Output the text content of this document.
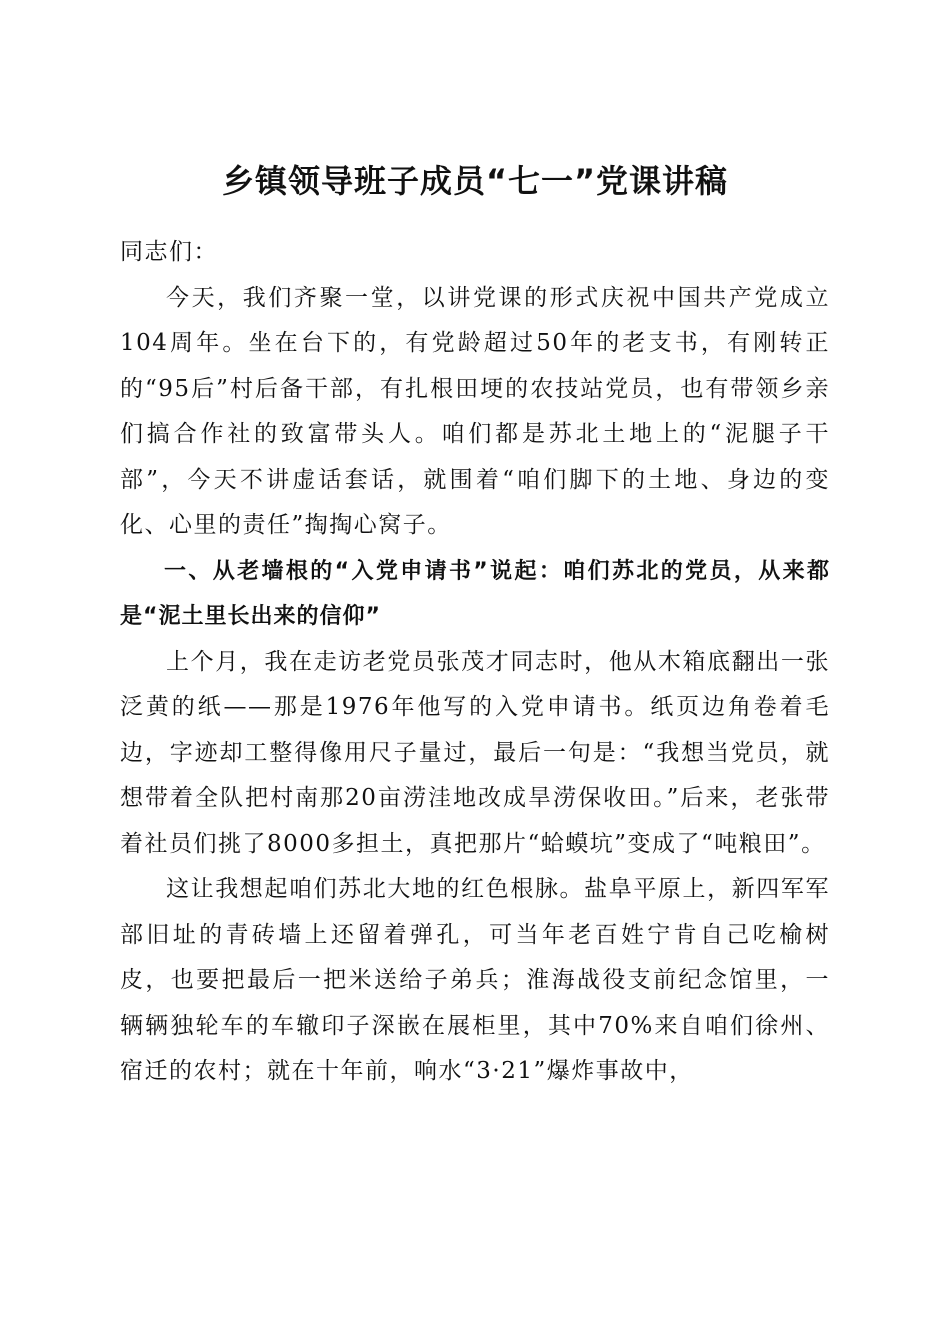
乡镇领导班子成员“七一”党课讲稿

同志们：

今天，我们齐聚一堂，以讲党课的形式庆祝中国共产党成立104周年。坐在台下的，有党龄超过50年的老支书，有刚转正的“95后”村后备干部，有扎根田埂的农技站党员，也有带领乡亲们搞合作社的致富带头人。咱们都是苏北土地上的“泥腿子干部”，今天不讲虚话套话，就围着“咱们脚下的土地、身边的变化、心里的责任”掏掏心窝子。

一、从老墙根的“入党申请书”说起：咱们苏北的党员，从来都是“泥土里长出来的信仰”

上个月，我在走访老党员张茂才同志时，他从木箱底翻出一张泛黄的纸——那是1976年他写的入党申请书。纸页边角卷着毛边，字迹却工整得像用尺子量过，最后一句是：“我想当党员，就想带着全队把村南那20亩涝洼地改成旱涝保收田。”后来，老张带着社员们挑了8000多担土，真把那片“蛤蟆坑”变成了“吨粮田”。

这让我想起咱们苏北大地的红色根脉。盐阜平原上，新四军军部旧址的青砖墙上还留着弹孔，可当年老百姓宁肯自己吃榆树皮，也要把最后一把米送给子弟兵；淮海战役支前纪念馆里，一辆辆独轮车的车辙印子深嵌在展柜里，其中70%来自咱们徐州、宿迁的农村；就在十年前，响水“3·21”爆炸事故中，
